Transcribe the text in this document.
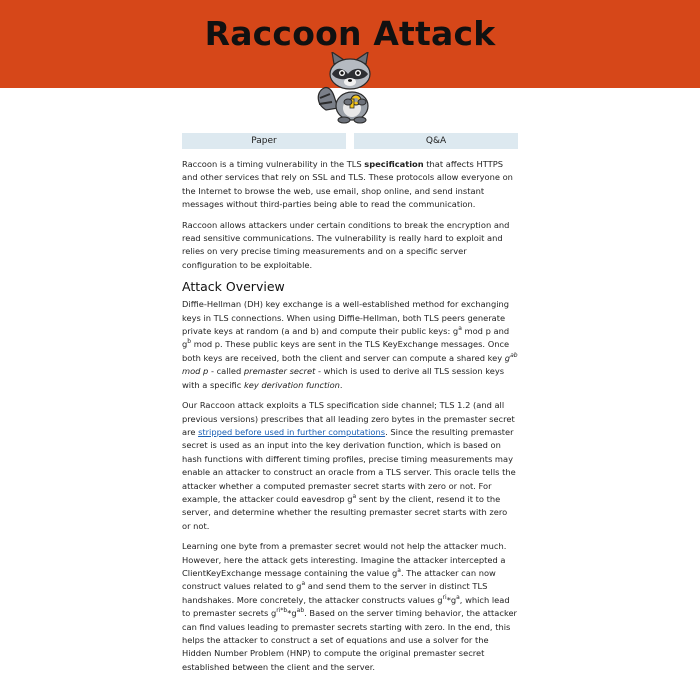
Raccoon Attack
Paper	Q&A

Raccoon is a timing vulnerability in the TLS specification that affects HTTPS and other services that rely on SSL and TLS. These protocols allow everyone on the Internet to browse the web, use email, shop online, and send instant messages without third-parties being able to read the communication.

Raccoon allows attackers under certain conditions to break the encryption and read sensitive communications. The vulnerability is really hard to exploit and relies on very precise timing measurements and on a specific server configuration to be exploitable.

Attack Overview

Diffie-Hellman (DH) key exchange is a well-established method for exchanging keys in TLS connections. When using Diffie-Hellman, both TLS peers generate private keys at random (a and b) and compute their public keys: $g^a$ mod p and $g^b$ mod p. These public keys are sent in the TLS KeyExchange messages. Once both keys are received, both the client and server can compute a shared key $g^{ab}$ mod p - called premaster secret - which is used to derive all TLS session keys with a specific key derivation function.

Our Raccoon attack exploits a TLS specification side channel; TLS 1.2 (and all previous versions) prescribes that all leading zero bytes in the premaster secret are stripped before used in further computations. Since the resulting premaster secret is used as an input into the key derivation function, which is based on hash functions with different timing profiles, precise timing measurements may enable an attacker to construct an oracle from a TLS server. This oracle tells the attacker whether a computed premaster secret starts with zero or not. For example, the attacker could eavesdrop $g^a$ sent by the client, resend it to the server, and determine whether the resulting premaster secret starts with zero or not.

Learning one byte from a premaster secret would not help the attacker much. However, here the attack gets interesting. Imagine the attacker intercepted a ClientKeyExchange message containing the value $g^a$. The attacker can now construct values related to $g^a$ and send them to the server in distinct TLS handshakes. More concretely, the attacker constructs values $g^{ri}*g^a$, which lead to premaster secrets $g^{ri*b}*g^{ab}$. Based on the server timing behavior, the attacker can find values leading to premaster secrets starting with zero. In the end, this helps the attacker to construct a set of equations and use a solver for the Hidden Number Problem (HNP) to compute the original premaster secret established between the client and the server.
